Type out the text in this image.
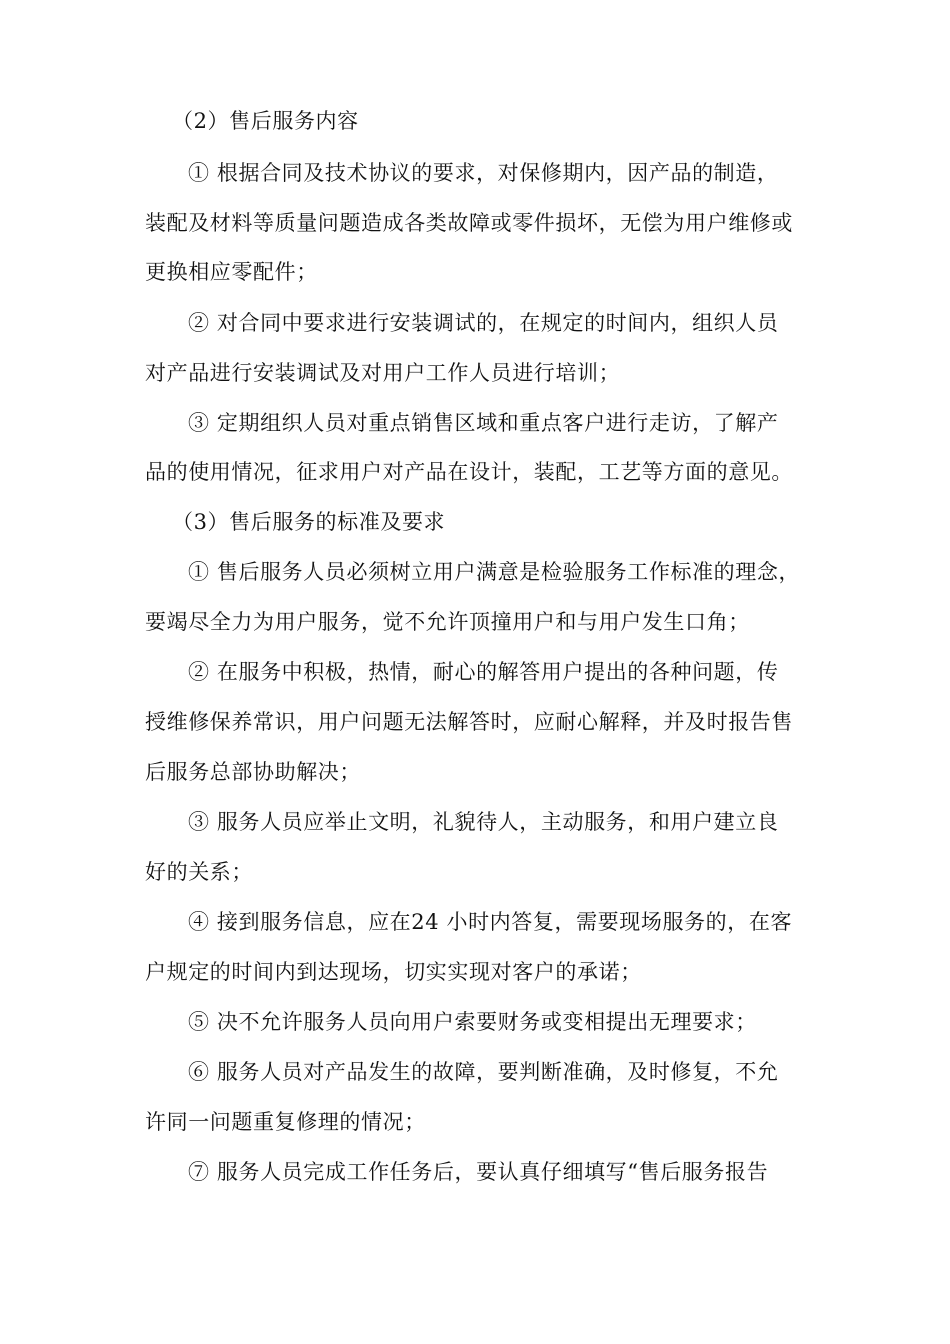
（2）售后服务内容
① 根据合同及技术协议的要求，对保修期内，因产品的制造，
装配及材料等质量问题造成各类故障或零件损坏，无偿为用户维修或
更换相应零配件；
② 对合同中要求进行安装调试的，在规定的时间内，组织人员
对产品进行安装调试及对用户工作人员进行培训；
③ 定期组织人员对重点销售区域和重点客户进行走访，了解产
品的使用情况，征求用户对产品在设计，装配，工艺等方面的意见。
（3）售后服务的标准及要求
① 售后服务人员必须树立用户满意是检验服务工作标准的理念，
要竭尽全力为用户服务，觉不允许顶撞用户和与用户发生口角；
② 在服务中积极，热情，耐心的解答用户提出的各种问题，传
授维修保养常识，用户问题无法解答时，应耐心解释，并及时报告售
后服务总部协助解决；
③ 服务人员应举止文明，礼貌待人，主动服务，和用户建立良
好的关系；
④ 接到服务信息，应在24 小时内答复，需要现场服务的，在客
户规定的时间内到达现场，切实实现对客户的承诺；
⑤ 决不允许服务人员向用户索要财务或变相提出无理要求；
⑥ 服务人员对产品发生的故障，要判断准确，及时修复，不允
许同一问题重复修理的情况；
⑦ 服务人员完成工作任务后，要认真仔细填写“售后服务报告
